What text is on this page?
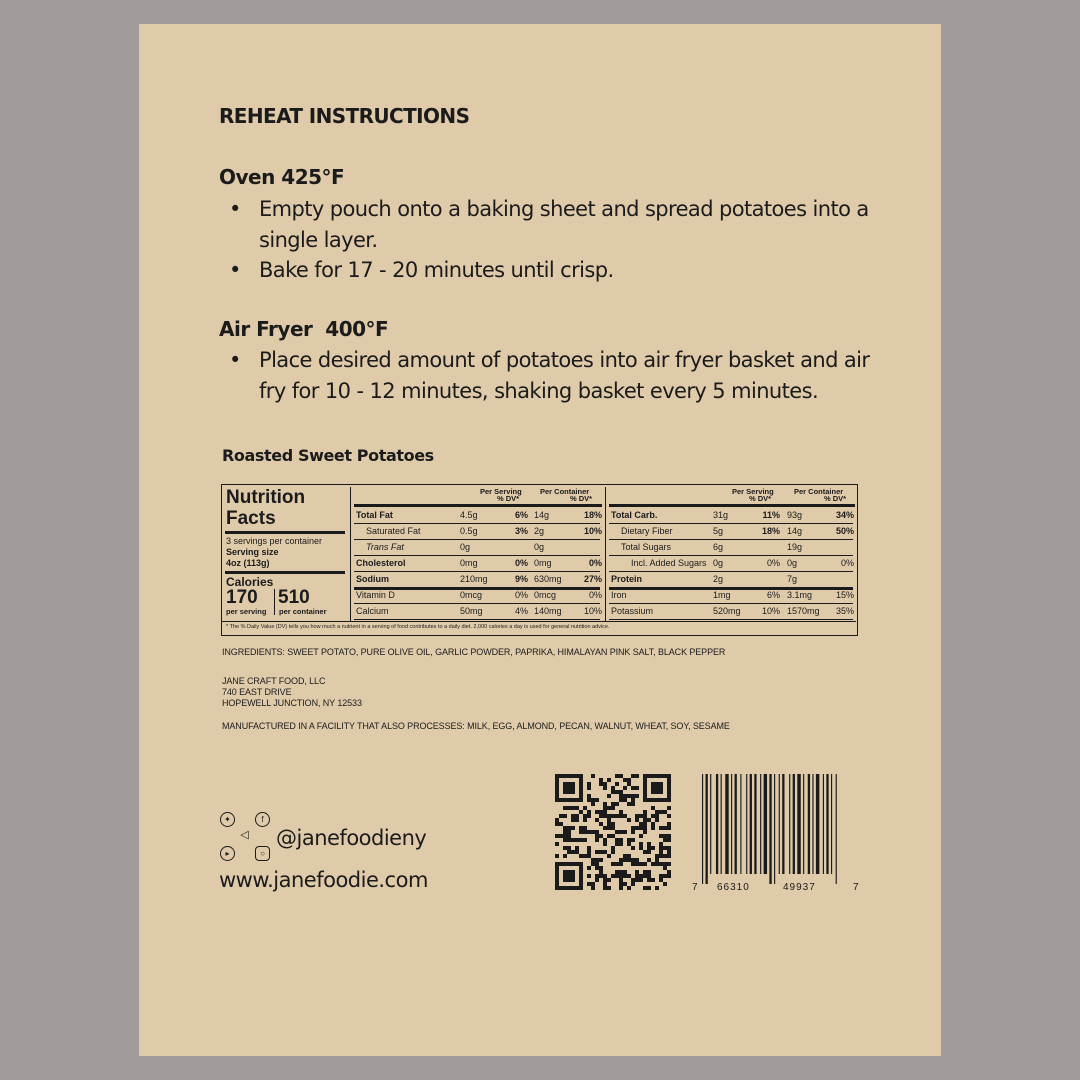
REHEAT INSTRUCTIONS
Oven 425°F
• Empty pouch onto a baking sheet and spread potatoes into a single layer.
• Bake for 17 - 20 minutes until crisp.
Air Fryer  400°F
• Place desired amount of potatoes into air fryer basket and air fry for 10 - 12 minutes, shaking basket every 5 minutes.
Roasted Sweet Potatoes
Nutrition Facts
3 servings per container
Serving size
4oz (113g)
Calories
170 510
per serving per container
Per Serving
% DV*
Per Container
% DV*
Per Serving
% DV*
Per Container
% DV*
Total Fat	4.5g	6% 14g	18%
Saturated Fat	0.5g	3% 2g	10%
Trans Fat	0g	0g
Cholesterol	0mg	0% 0mg	0%
Sodium	210mg	9% 630mg	27%
Vitamin D	0mcg	0% 0mcg	0%
Calcium	50mg	4% 140mg	10%
Total Carb.	31g	11% 93g	34%
Dietary Fiber	5g	18% 14g	50%
Total Sugars	6g	19g
Incl. Added Sugars 0g	0% 0g	0%
Protein	2g	7g
Iron	1mg	6% 3.1mg	15%
Potassium	520mg	10% 1570mg	35%
* The % Daily Value (DV) tells you how much a nutrient in a serving of food contributes to a daily diet. 2,000 calories a day is used for general nutrition advice.
INGREDIENTS: SWEET POTATO, PURE OLIVE OIL, GARLIC POWDER, PAPRIKA, HIMALAYAN PINK SALT, BLACK PEPPER
JANE CRAFT FOOD, LLC
740 EAST DRIVE
HOPEWELL JUNCTION, NY 12533
MANUFACTURED IN A FACILITY THAT ALSO PROCESSES: MILK, EGG, ALMOND, PECAN, WALNUT, WHEAT, SOY, SESAME
✦	f
◁
▸	○
@janefoodieny
www.janefoodie.com	7 66310	49937	7
